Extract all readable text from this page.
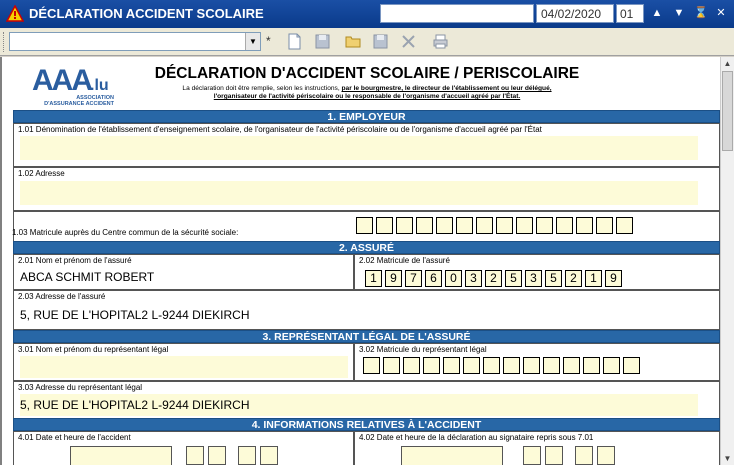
DÉCLARATION ACCIDENT SCOLAIRE	04/02/2020	01	▲	▼ ⌛ ✕
▼ *
AAA .lu
ASSOCIATION
D'ASSURANCE ACCIDENT
DÉCLARATION D'ACCIDENT SCOLAIRE / PERISCOLAIRE
La déclaration doit être remplie, selon les instructions, par le bourgmestre, le directeur de l'établissement ou leur délégué,
l'organisateur de l'activité périscolaire ou le responsable de l'organisme d'accueil agréé par l'État.
1. EMPLOYEUR
1.01 Dénomination de l'établissement d'enseignement scolaire, de l'organisateur de l'activité périscolaire ou de l'organisme d'accueil agréé par l'État
1.02 Adresse
1.03 Matricule auprès du Centre commun de la sécurité sociale:
2. ASSURÉ
2.01 Nom et prénom de l'assuré
ABCA SCHMIT ROBERT
2.02 Matricule de l'assuré
1	9	7	6	0	3	2	5	3	5	2	1	9
2.03 Adresse de l'assuré
5, RUE DE L'HOPITAL2 L-9244 DIEKIRCH
3. REPRÉSENTANT LÉGAL DE L'ASSURÉ
3.01 Nom et prénom du représentant légal	3.02 Matricule du représentant légal
3.03 Adresse du représentant légal
5, RUE DE L'HOPITAL2 L-9244 DIEKIRCH
4. INFORMATIONS RELATIVES À L'ACCIDENT
4.01 Date et heure de l'accident	4.02 Date et heure de la déclaration au signataire repris sous 7.01
▲
▼
